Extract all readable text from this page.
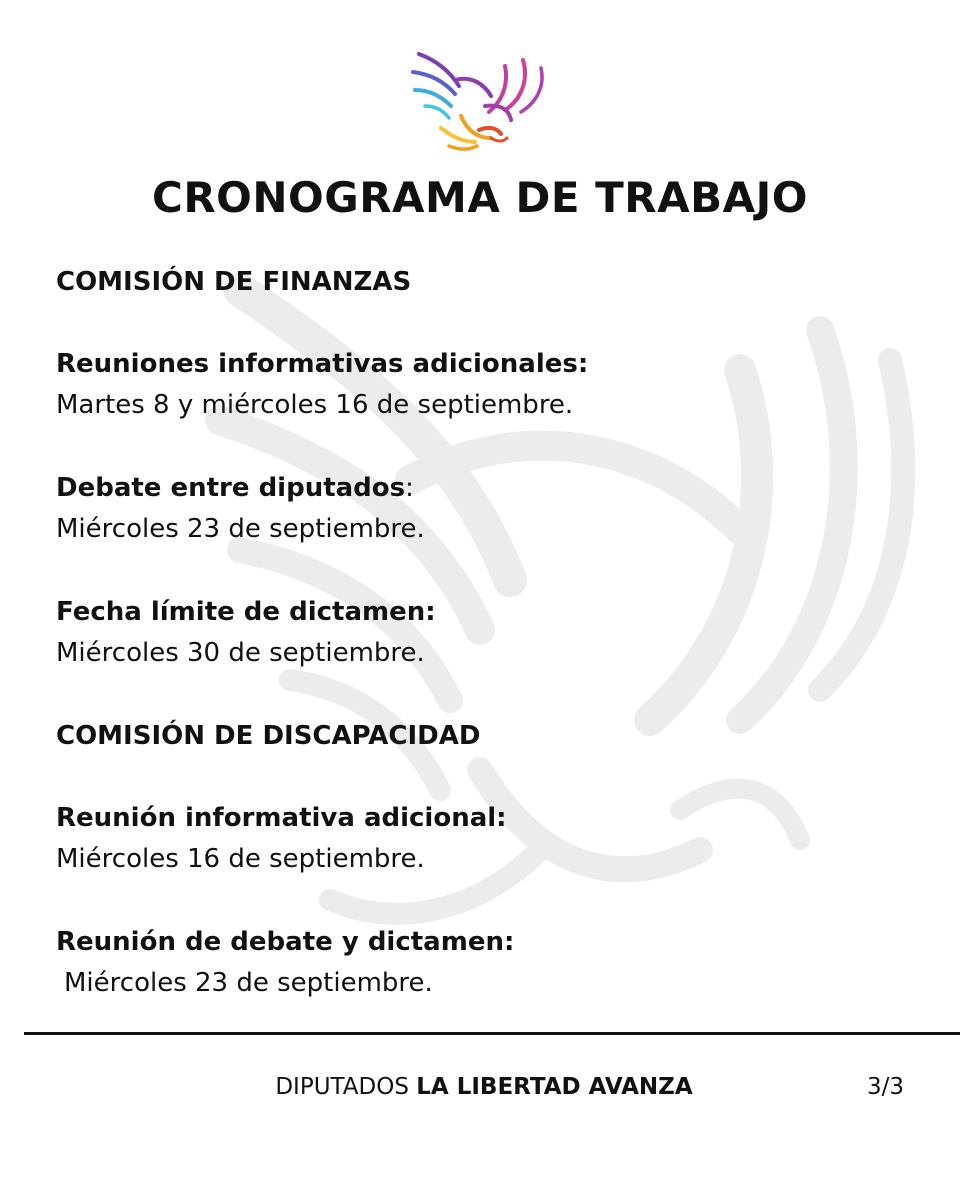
CRONOGRAMA DE TRABAJO
COMISIÓN DE FINANZAS
Reuniones informativas adicionales:
Martes 8 y miércoles 16 de septiembre.
Debate entre diputados:
Miércoles 23 de septiembre.
Fecha límite de dictamen:
Miércoles 30 de septiembre.
COMISIÓN DE DISCAPACIDAD
Reunión informativa adicional:
Miércoles 16 de septiembre.
Reunión de debate y dictamen:
Miércoles 23 de septiembre.
DIPUTADOS LA LIBERTAD AVANZA	3/3
